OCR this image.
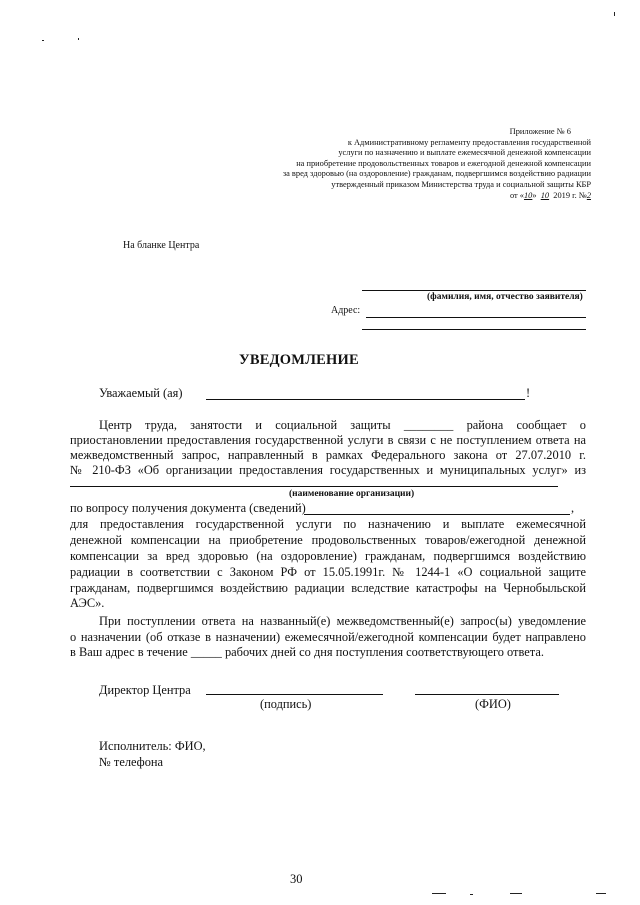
Приложение № 6
к Административному регламенту предоставления государственной
услуги по назначению и выплате ежемесячной денежной компенсации
на приобретение продовольственных товаров и ежегодной денежной компенсации
за вред здоровью (на оздоровление) гражданам, подвергшимся воздействию радиации
утвержденный приказом Министерства труда и социальной защиты КБР
от «10» 10 2019 г. №2
На бланке Центра
(фамилия, имя, отчество заявителя)
Адрес:
УВЕДОМЛЕНИЕ
Уважаемый (ая)	!
Центр труда, занятости и социальной защиты ________ района сообщает о
приостановлении предоставления государственной услуги в связи с не поступлением ответа на
межведомственный запрос, направленный в рамках Федерального закона от 27.07.2010 г.
№ 210-ФЗ «Об организации предоставления государственных и муниципальных услуг» из
(наименование организации)
по вопросу получения документа (сведений)	,
для предоставления государственной услуги по назначению и выплате ежемесячной
денежной компенсации на приобретение продовольственных товаров/ежегодной денежной
компенсации за вред здоровью (на оздоровление) гражданам, подвергшимся воздействию
радиации в соответствии с Законом РФ от 15.05.1991г. № 1244-1 «О социальной защите
гражданам, подвергшимся воздействию радиации вследствие катастрофы на Чернобыльской
АЭС».
При поступлении ответа на названный(е) межведомственный(е) запрос(ы) уведомление
о назначении (об отказе в назначении) ежемесячной/ежегодной компенсации будет направлено
в Ваш адрес в течение _____ рабочих дней со дня поступления соответствующего ответа.
Директор Центра
(подпись)	(ФИО)
Исполнитель: ФИО,
№ телефона
30
